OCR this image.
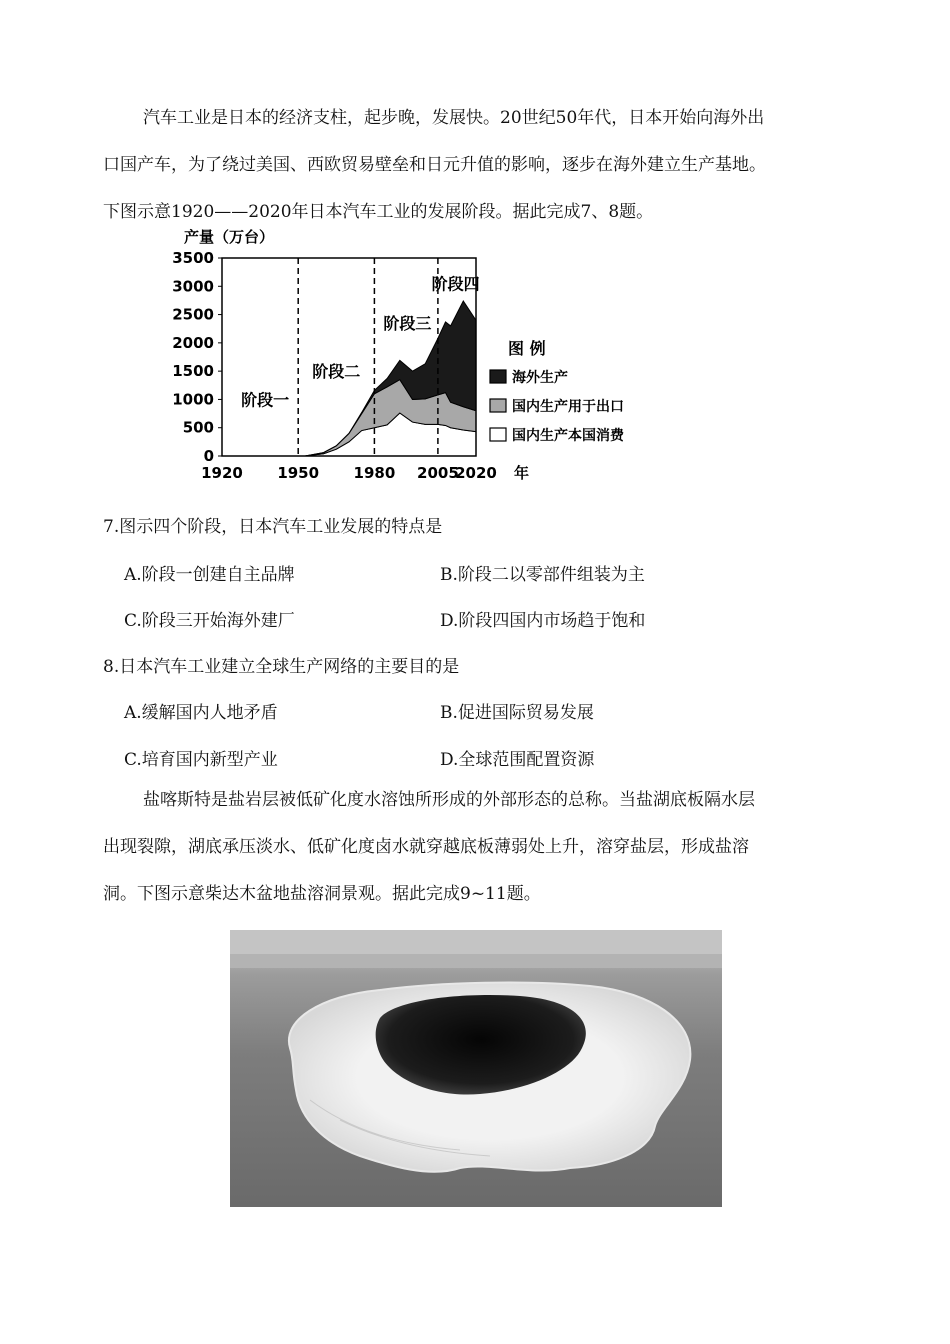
汽车工业是日本的经济支柱，起步晚，发展快。20世纪50年代，日本开始向海外出
口国产车，为了绕过美国、西欧贸易壁垒和日元升值的影响，逐步在海外建立生产基地。
下图示意1920——2020年日本汽车工业的发展阶段。据此完成7、8题。
0
500
1000
1500
2000
2500
3000
3500
1920 1950 1980 2005
2020 年
产量（万台）
阶段一
阶段二
阶段三
阶段四
图 例
海外生产
国内生产用于出口
国内生产本国消费

7.图示四个阶段，日本汽车工业发展的特点是

A.阶段一创建自主品牌	B.阶段二以零部件组装为主

C.阶段三开始海外建厂	D.阶段四国内市场趋于饱和

8.日本汽车工业建立全球生产网络的主要目的是

A.缓解国内人地矛盾	B.促进国际贸易发展

C.培育国内新型产业	D.全球范围配置资源

盐喀斯特是盐岩层被低矿化度水溶蚀所形成的外部形态的总称。当盐湖底板隔水层
出现裂隙，湖底承压淡水、低矿化度卤水就穿越底板薄弱处上升，溶穿盐层，形成盐溶
洞。下图示意柴达木盆地盐溶洞景观。据此完成9~11题。
